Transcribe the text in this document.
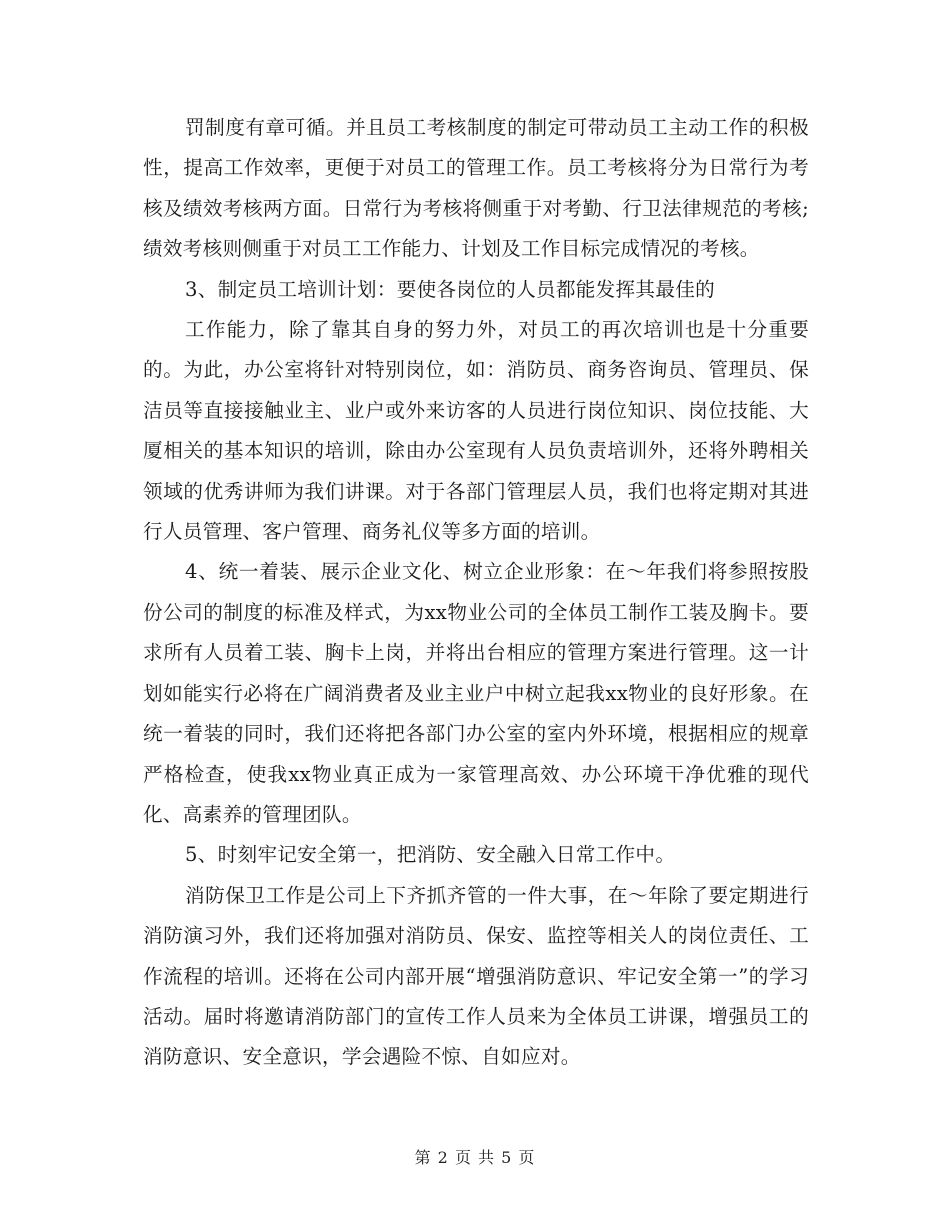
罚制度有章可循。并且员工考核制度的制定可带动员工主动工作的积极性，提高工作效率，更便于对员工的管理工作。员工考核将分为日常行为考核及绩效考核两方面。日常行为考核将侧重于对考勤、行卫法律规范的考核;绩效考核则侧重于对员工工作能力、计划及工作目标完成情况的考核。

3、制定员工培训计划：要使各岗位的人员都能发挥其最佳的

工作能力，除了靠其自身的努力外，对员工的再次培训也是十分重要的。为此，办公室将针对特别岗位，如：消防员、商务咨询员、管理员、保洁员等直接接触业主、业户或外来访客的人员进行岗位知识、岗位技能、大厦相关的基本知识的培训，除由办公室现有人员负责培训外，还将外聘相关领域的优秀讲师为我们讲课。对于各部门管理层人员，我们也将定期对其进行人员管理、客户管理、商务礼仪等多方面的培训。

4、统一着装、展示企业文化、树立企业形象：在～年我们将参照按股份公司的制度的标准及样式，为xx物业公司的全体员工制作工装及胸卡。要求所有人员着工装、胸卡上岗，并将出台相应的管理方案进行管理。这一计划如能实行必将在广阔消费者及业主业户中树立起我xx物业的良好形象。在统一着装的同时，我们还将把各部门办公室的室内外环境，根据相应的规章严格检查，使我xx物业真正成为一家管理高效、办公环境干净优雅的现代化、高素养的管理团队。

5、时刻牢记安全第一，把消防、安全融入日常工作中。

消防保卫工作是公司上下齐抓齐管的一件大事，在～年除了要定期进行消防演习外，我们还将加强对消防员、保安、监控等相关人的岗位责任、工作流程的培训。还将在公司内部开展“增强消防意识、牢记安全第一”的学习活动。届时将邀请消防部门的宣传工作人员来为全体员工讲课，增强员工的消防意识、安全意识，学会遇险不惊、自如应对。

第 2 页 共 5 页
